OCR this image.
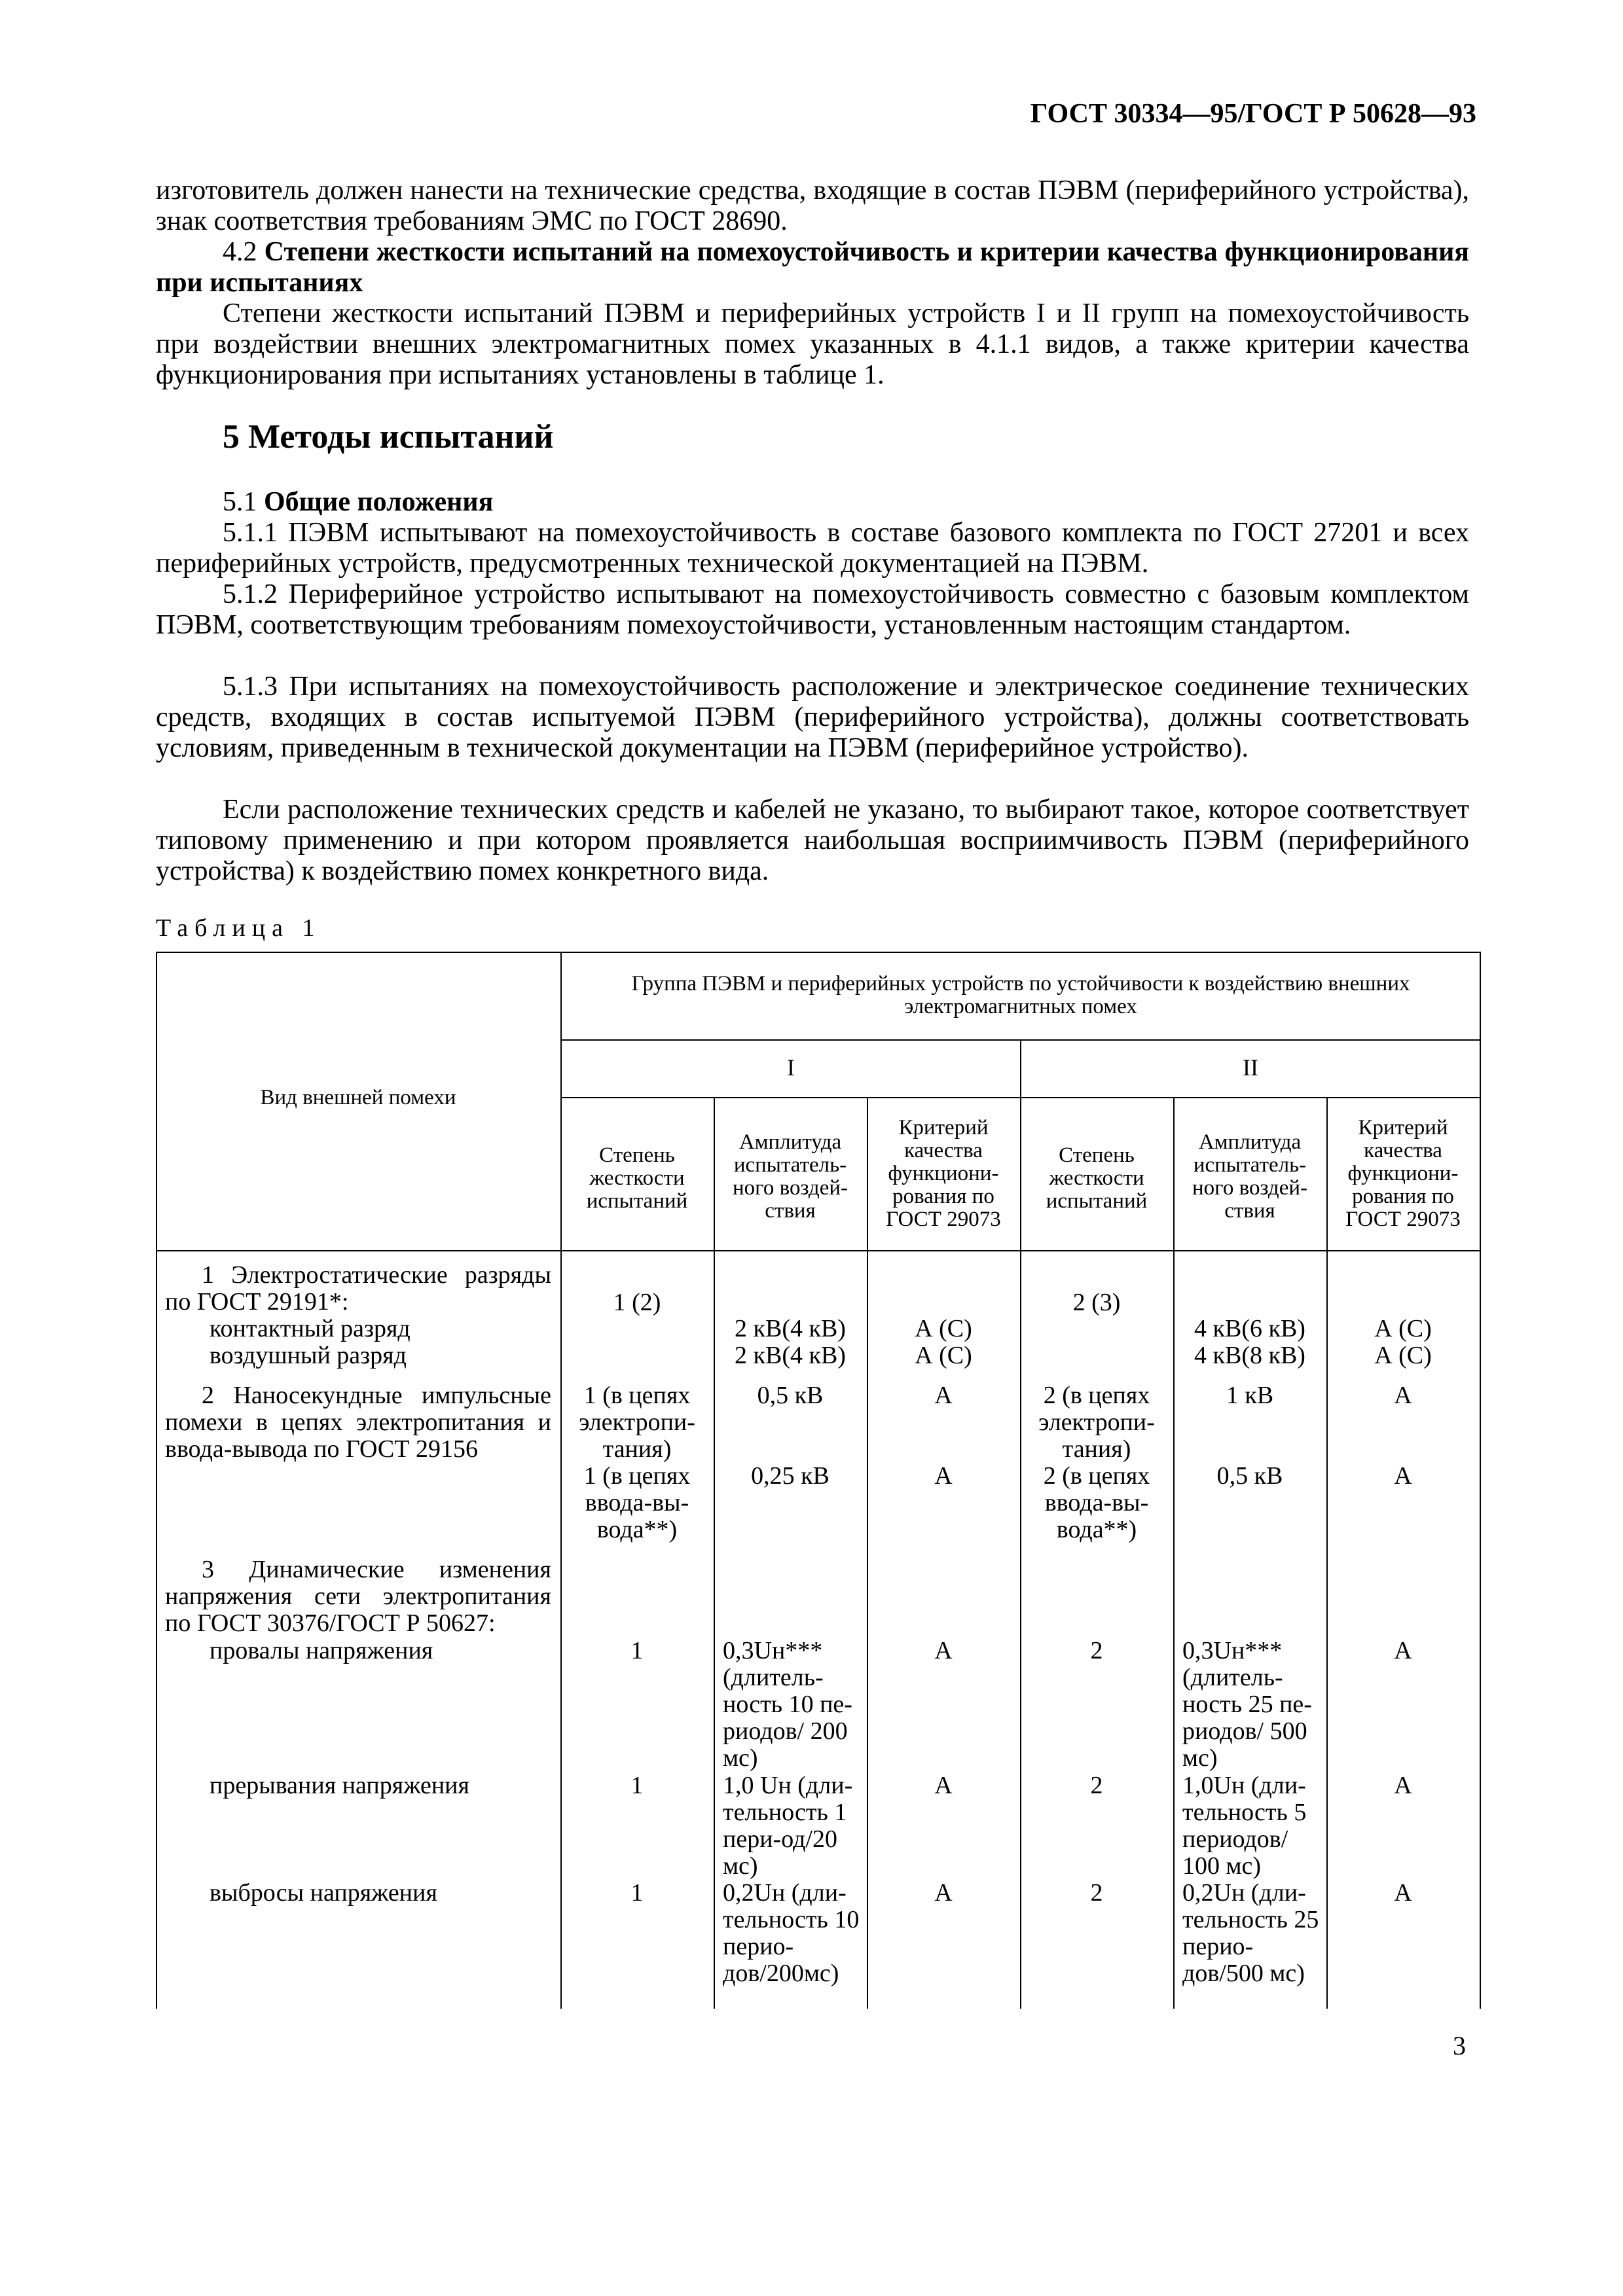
ГОСТ 30334—95/ГОСТ Р 50628—93
изготовитель должен нанести на технические средства, входящие в состав ПЭВМ (периферийного устройства), знак соответствия требованиям ЭМС по ГОСТ 28690.
4.2 Степени жесткости испытаний на помехоустойчивость и критерии качества функционирования при испытаниях
Степени жесткости испытаний ПЭВМ и периферийных устройств I и II групп на помехоустойчивость при воздействии внешних электромагнитных помех указанных в 4.1.1 видов, а также критерии качества функционирования при испытаниях установлены в таблице 1.
5 Методы испытаний
5.1 Общие положения
5.1.1 ПЭВМ испытывают на помехоустойчивость в составе базового комплекта по ГОСТ 27201 и всех периферийных устройств, предусмотренных технической документацией на ПЭВМ.
5.1.2 Периферийное устройство испытывают на помехоустойчивость совместно с базовым комплектом ПЭВМ, соответствующим требованиям помехоустойчивости, установленным настоящим стандартом.
5.1.3 При испытаниях на помехоустойчивость расположение и электрическое соединение технических средств, входящих в состав испытуемой ПЭВМ (периферийного устройства), должны соответствовать условиям, приведенным в технической документации на ПЭВМ (периферийное устройство).
Если расположение технических средств и кабелей не указано, то выбирают такое, которое соответствует типовому применению и при котором проявляется наибольшая восприимчивость ПЭВМ (периферийного устройства) к воздействию помех конкретного вида.
Таблица 1
Вид внешней помехи
Группа ПЭВМ и периферийных устройств по устойчивости к воздействию внешних электромагнитных помех
I	II
Степень жесткости испытаний
Амплитуда испытатель-ного воздей-ствия
Критерий качества функциони-рования по ГОСТ 29073
Степень жесткости испытаний
Амплитуда испытатель-ного воздей-ствия
Критерий качества функциони-рования по ГОСТ 29073
1 Электростатические разряды по ГОСТ 29191*:
контактный разряд
воздушный разряд
1 (2)
2 кВ(4 кВ)
2 кВ(4 кВ)
А (С)
А (С)
2 (3)
4 кВ(6 кВ)
4 кВ(8 кВ)
А (С)
А (С)
2 Наносекундные импульсные помехи в цепях электропитания и ввода-вывода по ГОСТ 29156
1 (в цепях электропи-тания)
1 (в цепях ввода-вы-вода**)
0,5 кВ
0,25 кВ
А
А
2 (в цепях электропи-тания)
2 (в цепях ввода-вы-вода**)
1 кВ
0,5 кВ
А
А
3 Динамические изменения напряжения сети электропитания по ГОСТ 30376/ГОСТ Р 50627:
провалы напряжения
прерывания напряжения
выбросы напряжения
1
1
1
0,3Uн*** (длитель-ность 10 пе-риодов/ 200 мс)
1,0 Uн (дли-тельность 1 пери-од/20 мс)
0,2Uн (дли-тельность 10 перио-дов/200мс)
А
А
А
2
2
2
0,3Uн*** (длитель-ность 25 пе-риодов/ 500 мс)
1,0Uн (дли-тельность 5 периодов/ 100 мс)
0,2Uн (дли-тельность 25 перио-дов/500 мс)
А
А
А
3
